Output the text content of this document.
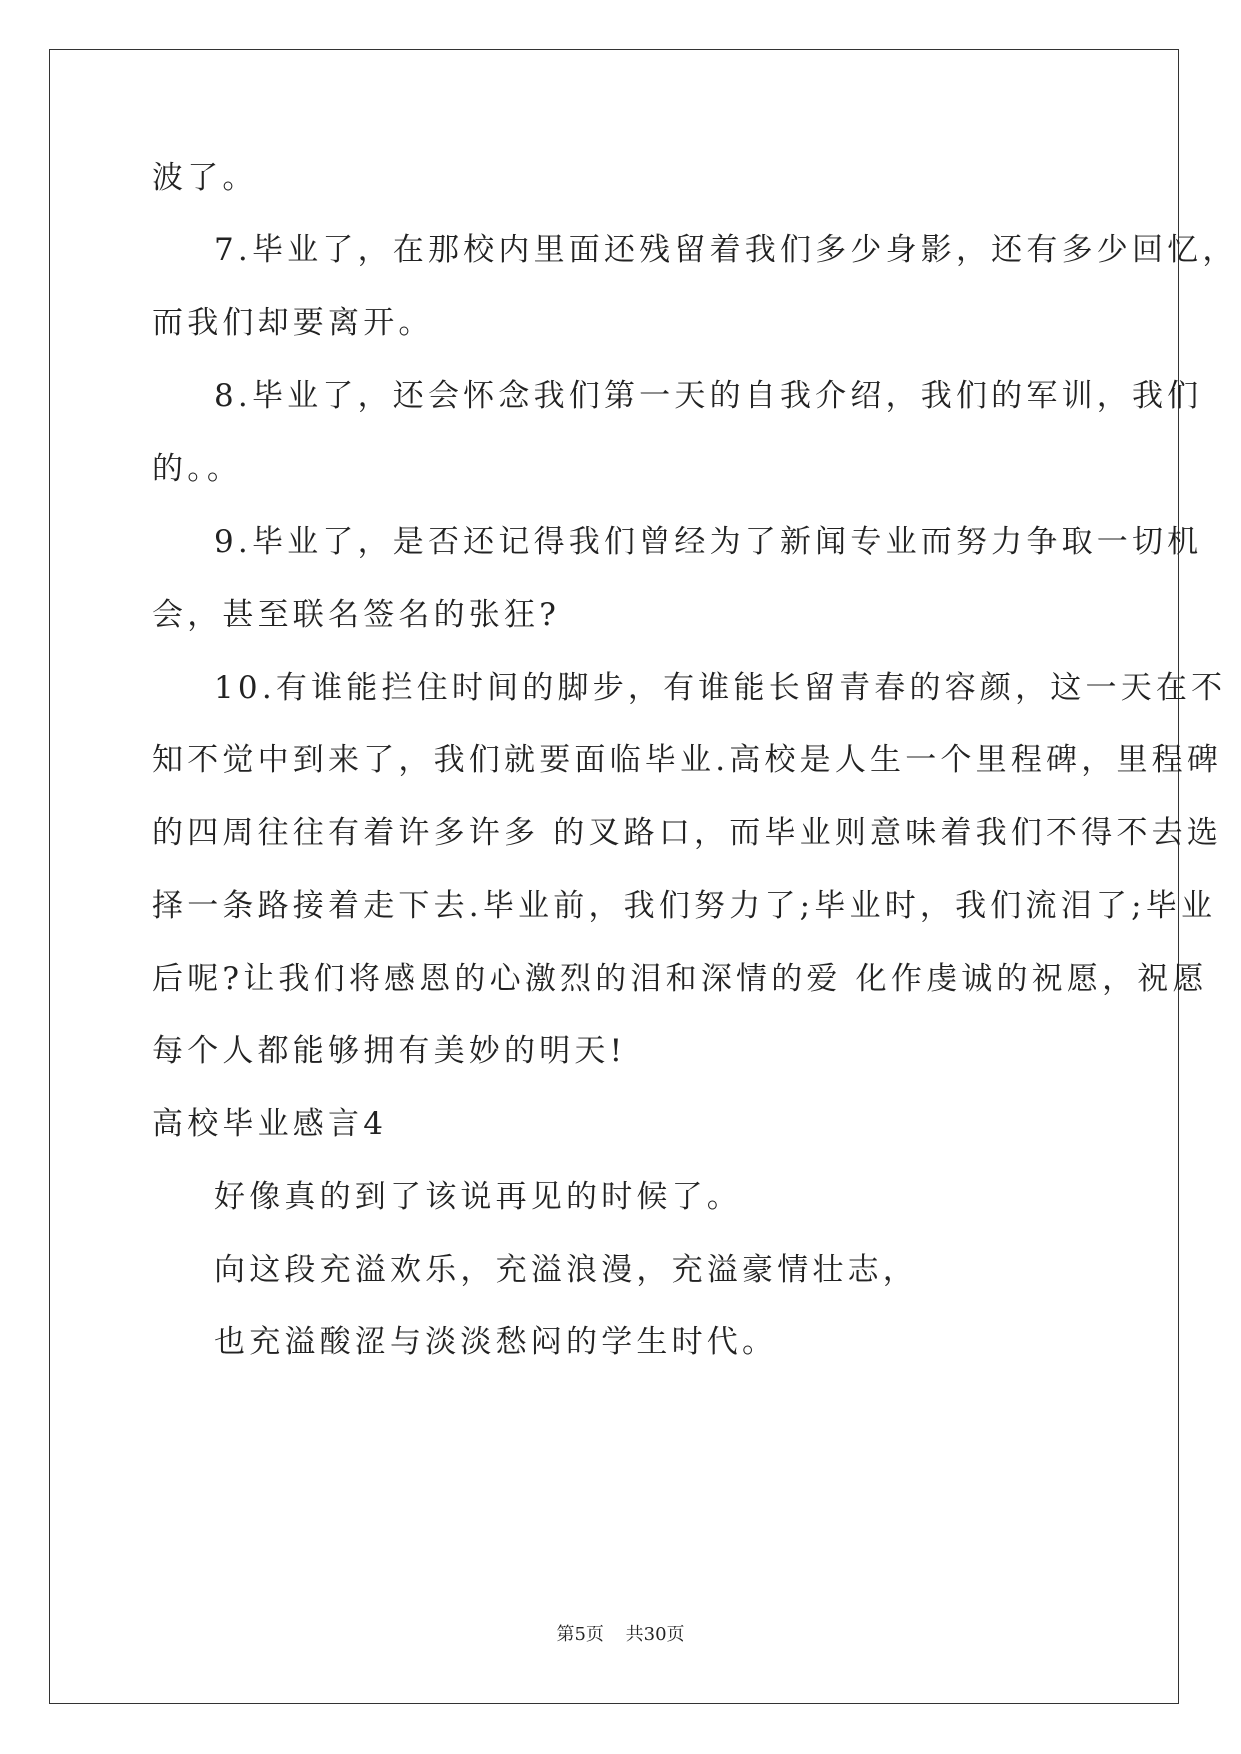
波了。
7.毕业了，在那校内里面还残留着我们多少身影，还有多少回忆，
而我们却要离开。
8.毕业了，还会怀念我们第一天的自我介绍，我们的军训，我们
的。。
9.毕业了，是否还记得我们曾经为了新闻专业而努力争取一切机
会，甚至联名签名的张狂?
10.有谁能拦住时间的脚步，有谁能长留青春的容颜，这一天在不
知不觉中到来了，我们就要面临毕业.高校是人生一个里程碑，里程碑
的四周往往有着许多许多 的叉路口，而毕业则意味着我们不得不去选
择一条路接着走下去.毕业前，我们努力了;毕业时，我们流泪了;毕业
后呢?让我们将感恩的心激烈的泪和深情的爱 化作虔诚的祝愿，祝愿
每个人都能够拥有美妙的明天!
高校毕业感言4
好像真的到了该说再见的时候了。
向这段充溢欢乐，充溢浪漫，充溢豪情壮志，
也充溢酸涩与淡淡愁闷的学生时代。
第5页 共30页
